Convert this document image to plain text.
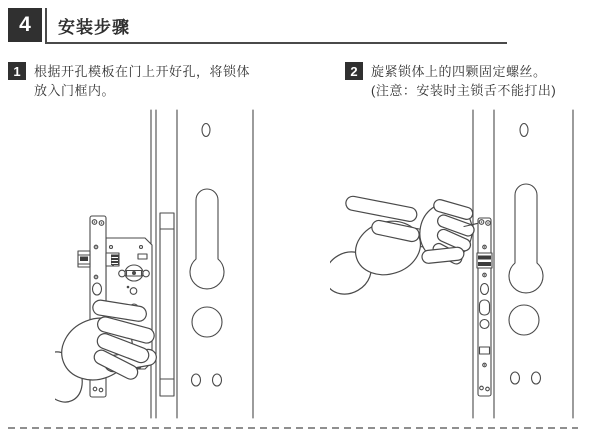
4	安装步骤
1	根据开孔模板在门上开好孔，将锁体放入门框内。
2	旋紧锁体上的四颗固定螺丝。
(注意：安装时主锁舌不能打出)
